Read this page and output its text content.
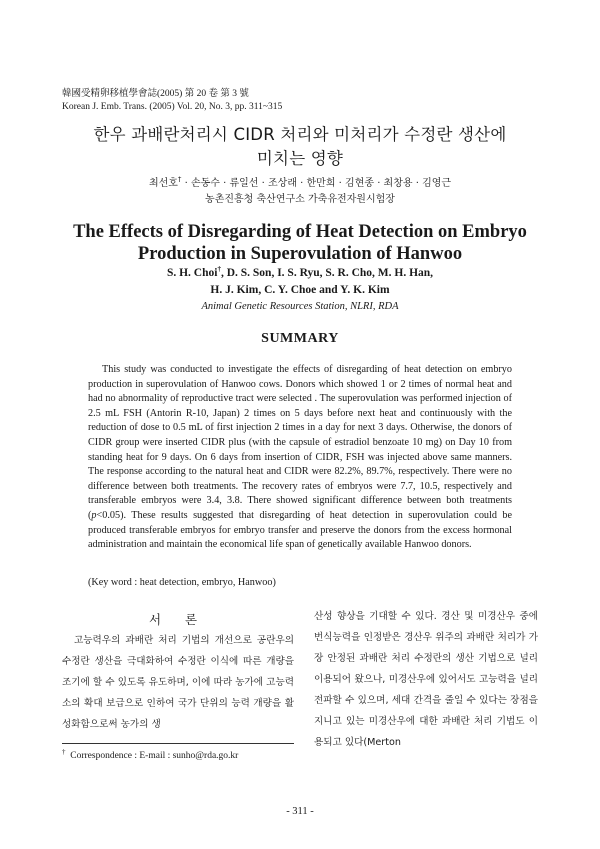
韓國受精卵移植學會誌(2005) 第 20 卷 第 3 號
Korean J. Emb. Trans. (2005) Vol. 20, No. 3, pp. 311~315
한우 과배란처리시 CIDR 처리와 미처리가 수정란 생산에
미치는 영향
최선호† · 손동수 · 류일선 · 조상래 · 한만희 · 김현종 · 최창용 · 김영근
농촌진흥청 축산연구소 가축유전자원시험장
The Effects of Disregarding of Heat Detection on Embryo
Production in Superovulation of Hanwoo
S. H. Choi†, D. S. Son, I. S. Ryu, S. R. Cho, M. H. Han,
H. J. Kim, C. Y. Choe and Y. K. Kim
Animal Genetic Resources Station, NLRI, RDA
SUMMARY

This study was conducted to investigate the effects of disregarding of heat detection on embryo production in superovulation of Hanwoo cows. Donors which showed 1 or 2 times of normal heat and had no abnormality of reproductive tract were selected . The superovulation was performed injection of 2.5 mL FSH (Antorin R-10, Japan) 2 times on 5 days before next heat and continuously with the reduction of dose to 0.5 mL of first injection 2 times in a day for next 3 days. Otherwise, the donors of CIDR group were inserted CIDR plus (with the capsule of estradiol benzoate 10 mg) on Day 10 from standing heat for 9 days. On 6 days from insertion of CIDR, FSH was injected above same manners. The response according to the natural heat and CIDR were 82.2%, 89.7%, respectively. There were no difference between both treatments. The recovery rates of embryos were 7.7, 10.5, respectively and transferable embryos were 3.4, 3.8. There showed significant difference between both treatments (p<0.05). These results suggested that disregarding of heat detection in superovulation could be produced transferable embryos for embryo transfer and preserve the donors from the excess hormonal administration and maintain the economical life span of genetically available Hanwoo donors.

(Key word : heat detection, embryo, Hanwoo)
서 론
고능력우의 과배란 처리 기법의 개선으로 공란우의 수정란 생산을 극대화하여 수정란 이식에 따른 개량을 조기에 할 수 있도록 유도하며, 이에 따라 농가에 고능력 소의 확대 보급으로 인하여 국가 단위의 능력 개량을 활성화함으로써 농가의 생
산성 향상을 기대할 수 있다. 경산 및 미경산우 중에 번식능력을 인정받은 경산우 위주의 과배란 처리가 가장 안정된 과배란 처리 수정란의 생산 기법으로 널리 이용되어 왔으나, 미경산우에 있어서도 고능력을 널리 전파할 수 있으며, 세대 간격을 줄일 수 있다는 장점을 지니고 있는 미경산우에 대한 과배란 처리 기법도 이용되고 있다(Merton
† Correspondence : E-mail : sunho@rda.go.kr
- 311 -
